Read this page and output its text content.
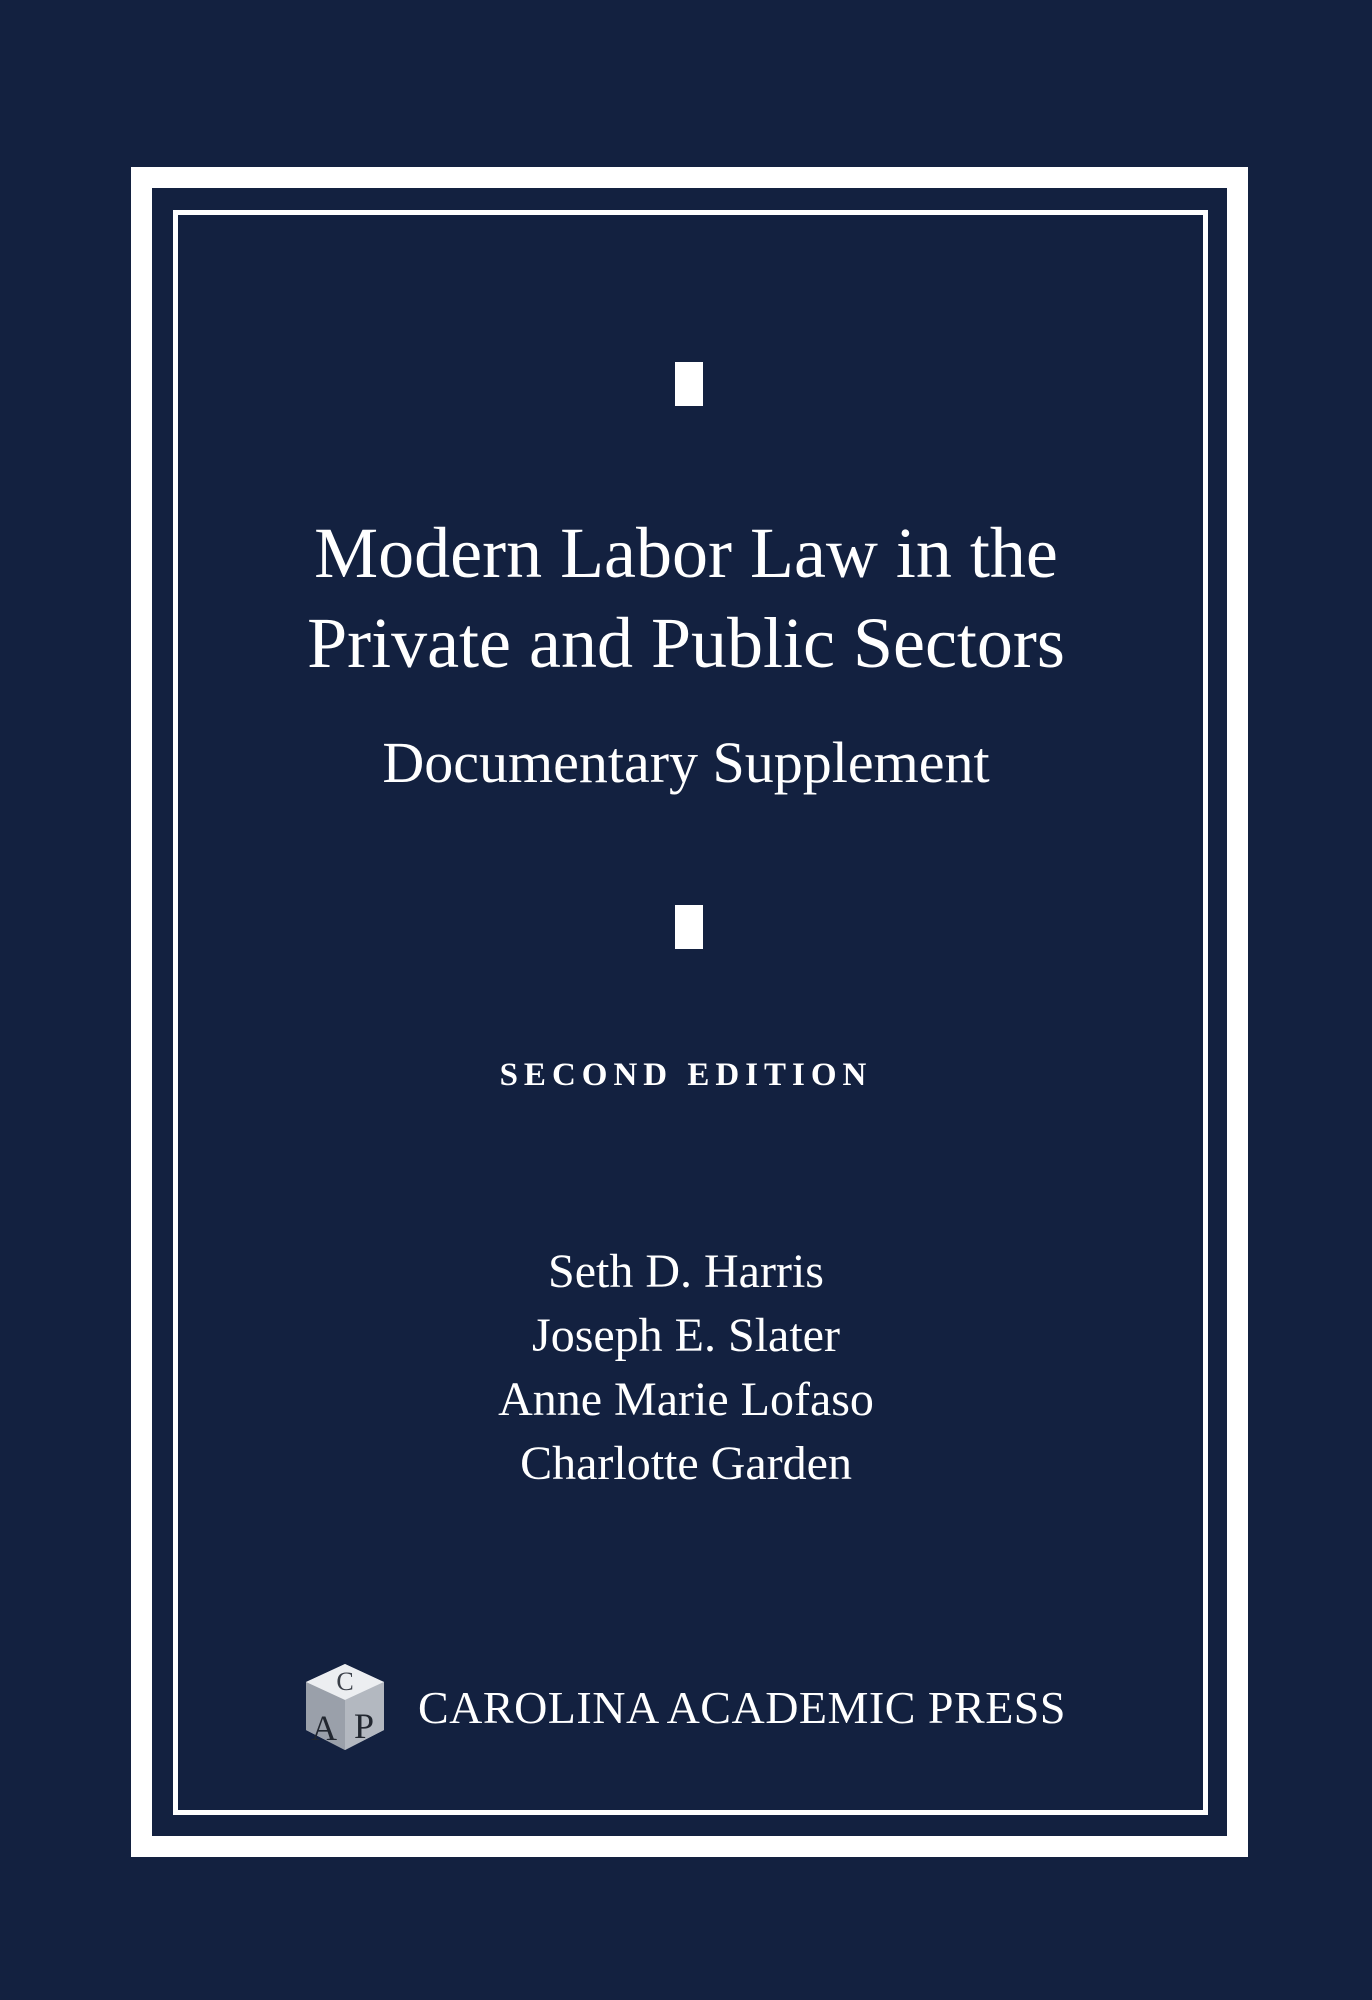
Modern Labor Law in the
Private and Public Sectors
Documentary Supplement
SECOND EDITION
Seth D. Harris
Joseph E. Slater
Anne Marie Lofaso
Charlotte Garden
C
A P CAROLINA ACADEMIC PRESS
